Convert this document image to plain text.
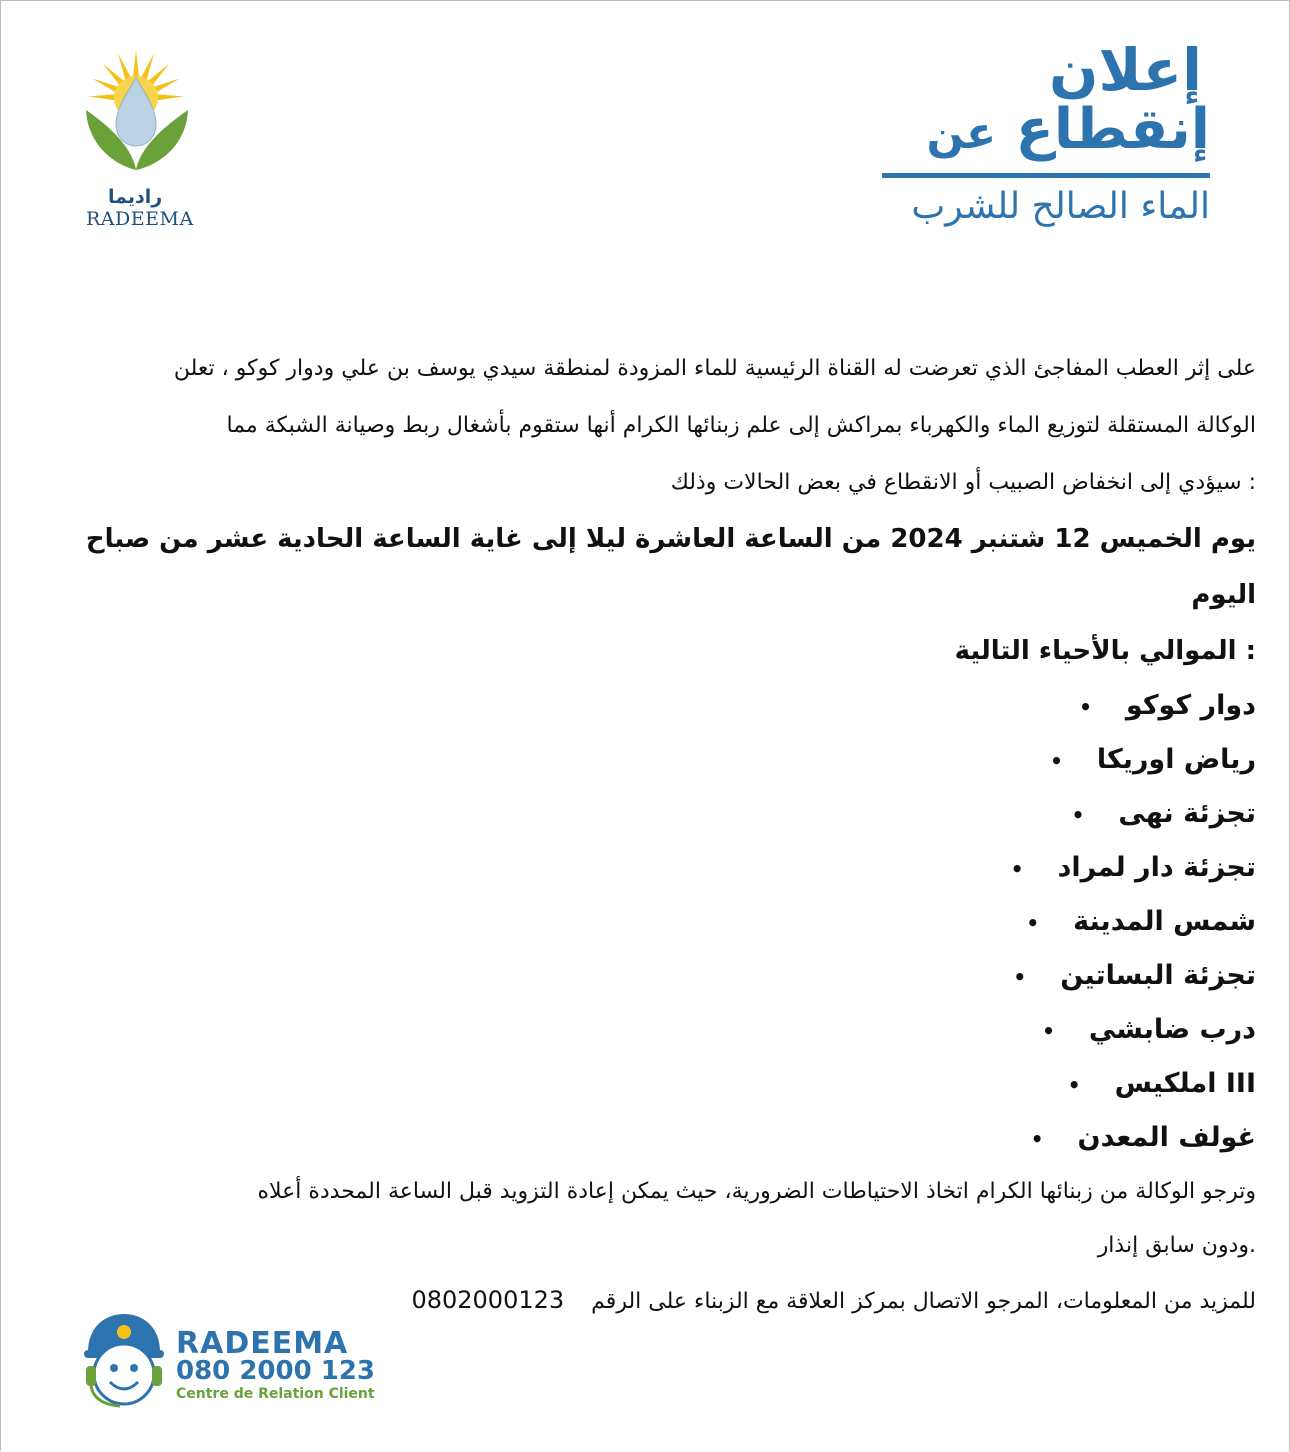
راديما
RADEEMA
إعلان
إنقطاع عن
الماء الصالح للشرب

على إثر العطب المفاجئ الذي تعرضت له القناة الرئيسية للماء المزودة لمنطقة سيدي يوسف بن علي ودوار كوكو ، تعلن

الوكالة المستقلة لتوزيع الماء والكهرباء بمراكش إلى علم زبنائها الكرام أنها ستقوم بأشغال ربط وصيانة الشبكة مما

: سيؤدي إلى انخفاض الصبيب أو الانقطاع في بعض الحالات وذلك

يوم الخميس 12 شتنبر 2024 من الساعة العاشرة ليلا إلى غاية الساعة الحادية عشر من صباح اليوم

: الموالي بالأحياء التالية

دوار كوكو•
رياض اوريكا•
تجزئة نهى•
تجزئة دار لمراد•
شمس المدينة•
تجزئة البساتين•
درب ضابشي•
III املكيس•
غولف المعدن•

وترجو الوكالة من زبنائها الكرام اتخاذ الاحتياطات الضرورية، حيث يمكن إعادة التزويد قبل الساعة المحددة أعلاه

.ودون سابق إنذار

للمزيد من المعلومات، المرجو الاتصال بمركز العلاقة مع الزبناء على الرقم 0802000123

RADEEMA
080 2000 123
Centre de Relation Client
